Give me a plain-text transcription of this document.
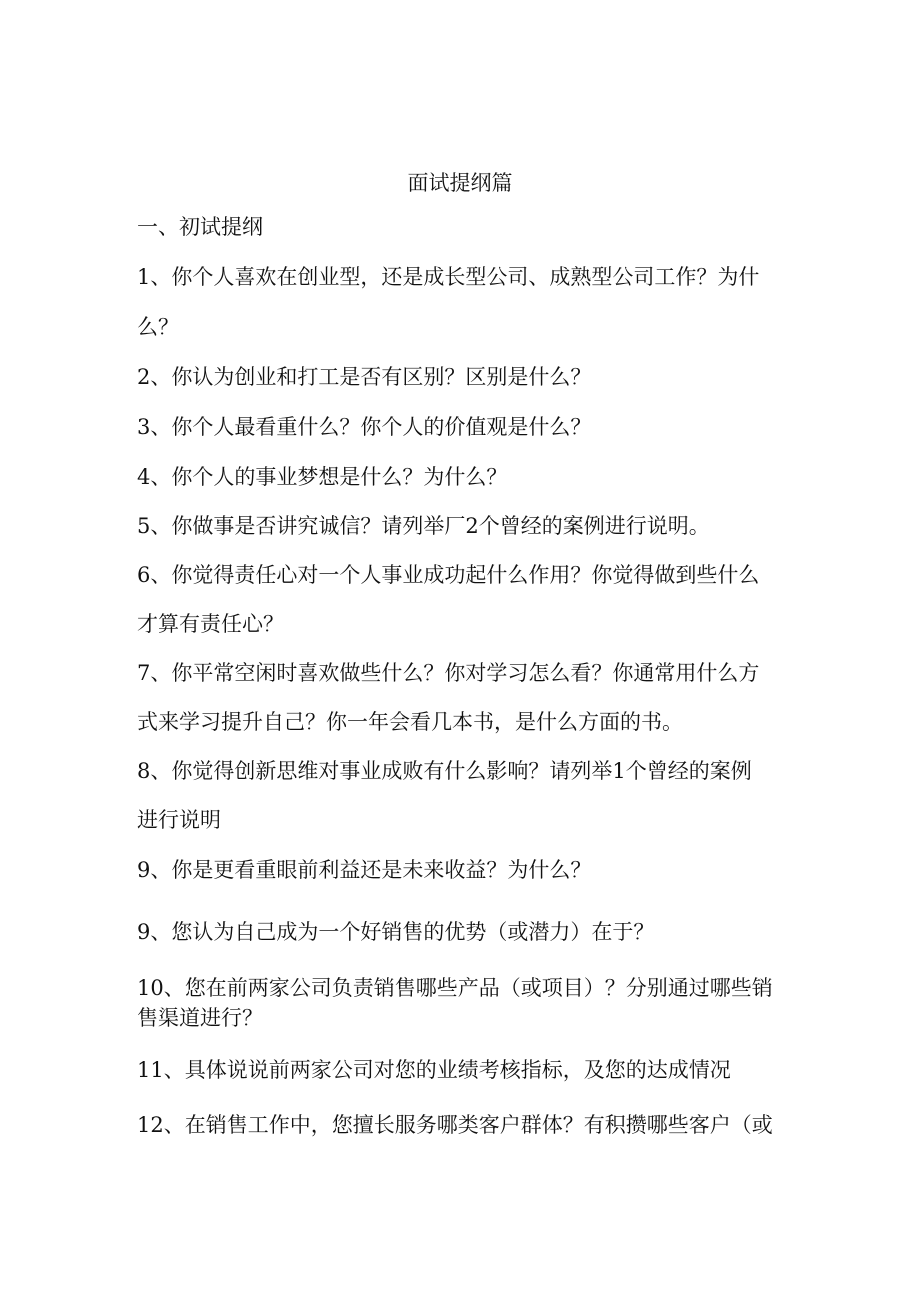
面试提纲篇
一、初试提纲
1、你个人喜欢在创业型，还是成长型公司、成熟型公司工作？为什
么？
2、你认为创业和打工是否有区别？区别是什么？
3、你个人最看重什么？你个人的价值观是什么？
4、你个人的事业梦想是什么？为什么？
5、你做事是否讲究诚信？请列举厂2个曾经的案例进行说明。
6、你觉得责任心对一个人事业成功起什么作用？你觉得做到些什么
才算有责任心？
7、你平常空闲时喜欢做些什么？你对学习怎么看？你通常用什么方
式来学习提升自己？你一年会看几本书，是什么方面的书。
8、你觉得创新思维对事业成败有什么影响？请列举1个曾经的案例
进行说明
9、你是更看重眼前利益还是未来收益？为什么？
9、您认为自己成为一个好销售的优势（或潜力）在于？
10、您在前两家公司负责销售哪些产品（或项目）？分别通过哪些销
售渠道进行？
11、具体说说前两家公司对您的业绩考核指标，及您的达成情况
12、在销售工作中，您擅长服务哪类客户群体？有积攒哪些客户（或
